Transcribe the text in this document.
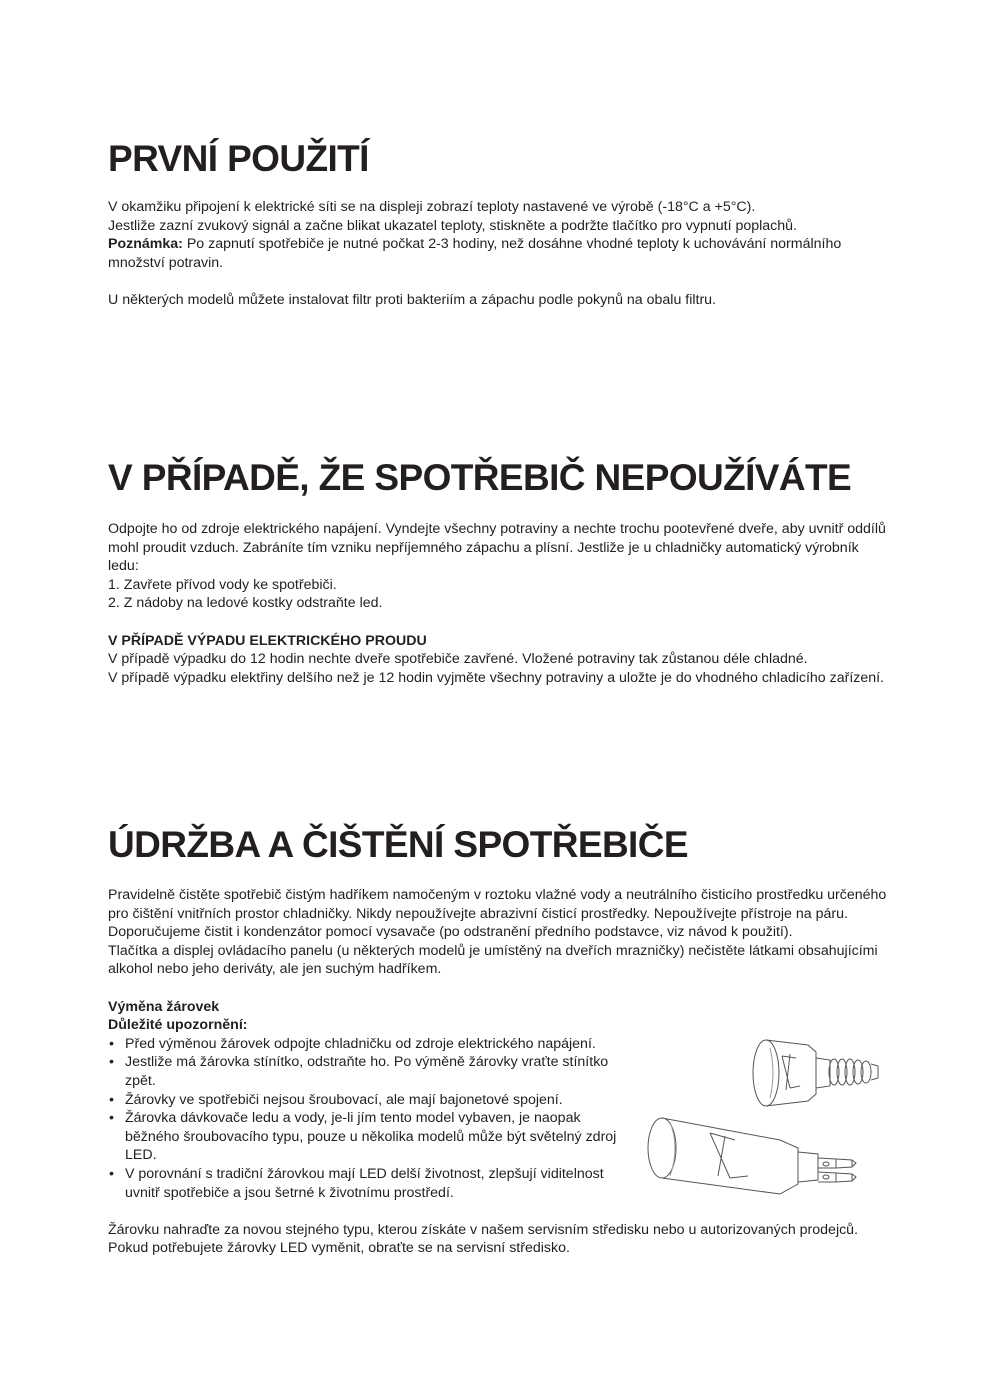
PRVNÍ POUŽITÍ

V okamžiku připojení k elektrické síti se na displeji zobrazí teploty nastavené ve výrobě (-18°C a +5°C).

Jestliže zazní zvukový signál a začne blikat ukazatel teploty, stiskněte a podržte tlačítko pro vypnutí poplachů.

Poznámka: Po zapnutí spotřebiče je nutné počkat 2-3 hodiny, než dosáhne vhodné teploty k uchovávání normálního množství potravin.

U některých modelů můžete instalovat filtr proti bakteriím a zápachu podle pokynů na obalu filtru.

V PŘÍPADĚ, ŽE SPOTŘEBIČ NEPOUŽÍVÁTE

Odpojte ho od zdroje elektrického napájení. Vyndejte všechny potraviny a nechte trochu pootevřené dveře, aby uvnitř oddílů mohl proudit vzduch. Zabráníte tím vzniku nepříjemného zápachu a plísní. Jestliže je u chladničky automatický výrobník ledu:

1. Zavřete přívod vody ke spotřebiči.

2. Z nádoby na ledové kostky odstraňte led.

V PŘÍPADĚ VÝPADU ELEKTRICKÉHO PROUDU

V případě výpadku do 12 hodin nechte dveře spotřebiče zavřené. Vložené potraviny tak zůstanou déle chladné.

V případě výpadku elektřiny delšího než je 12 hodin vyjměte všechny potraviny a uložte je do vhodného chladicího zařízení.

ÚDRŽBA A ČIŠTĚNÍ SPOTŘEBIČE

Pravidelně čistěte spotřebič čistým hadříkem namočeným v roztoku vlažné vody a neutrálního čisticího prostředku určeného pro čištění vnitřních prostor chladničky. Nikdy nepoužívejte abrazivní čisticí prostředky. Nepoužívejte přístroje na páru. Doporučujeme čistit i kondenzátor pomocí vysavače (po odstranění předního podstavce, viz návod k použití).

Tlačítka a displej ovládacího panelu (u některých modelů je umístěný na dveřích mrazničky) nečistěte látkami obsahujícími alkohol nebo jeho deriváty, ale jen suchým hadříkem.

Výměna žárovek

Důležité upozornění:

• Před výměnou žárovek odpojte chladničku od zdroje elektrického napájení.
• Jestliže má žárovka stínítko, odstraňte ho. Po výměně žárovky vraťte stínítko zpět.
• Žárovky ve spotřebiči nejsou šroubovací, ale mají bajonetové spojení.
• Žárovka dávkovače ledu a vody, je-li jím tento model vybaven, je naopak běžného šroubovacího typu, pouze u několika modelů může být světelný zdroj LED.
• V porovnání s tradiční žárovkou mají LED delší životnost, zlepšují viditelnost uvnitř spotřebiče a jsou šetrné k životnímu prostředí.

Žárovku nahraďte za novou stejného typu, kterou získáte v našem servisním středisku nebo u autorizovaných prodejců.

Pokud potřebujete žárovky LED vyměnit, obraťte se na servisní středisko.
